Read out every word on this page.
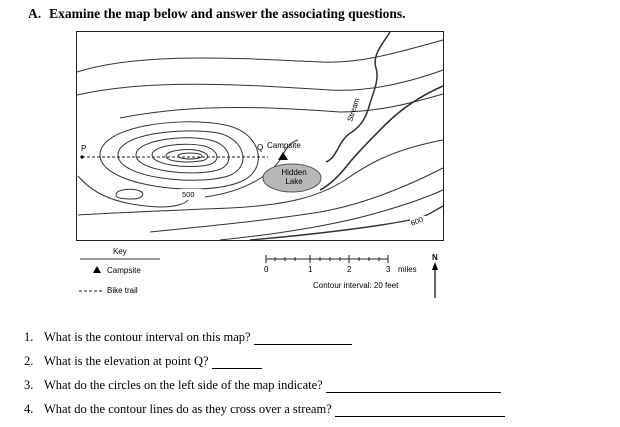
A. Examine the map below and answer the associating questions.
Hidden
Lake
P	Q Campsite
Stream
500
600
Key
Campsite
Bike trail
0	1	2	3 miles
Contour interval: 20 feet
N
1. What is the contour interval on this map?
2. What is the elevation at point Q?
3. What do the circles on the left side of the map indicate?
4. What do the contour lines do as they cross over a stream?
